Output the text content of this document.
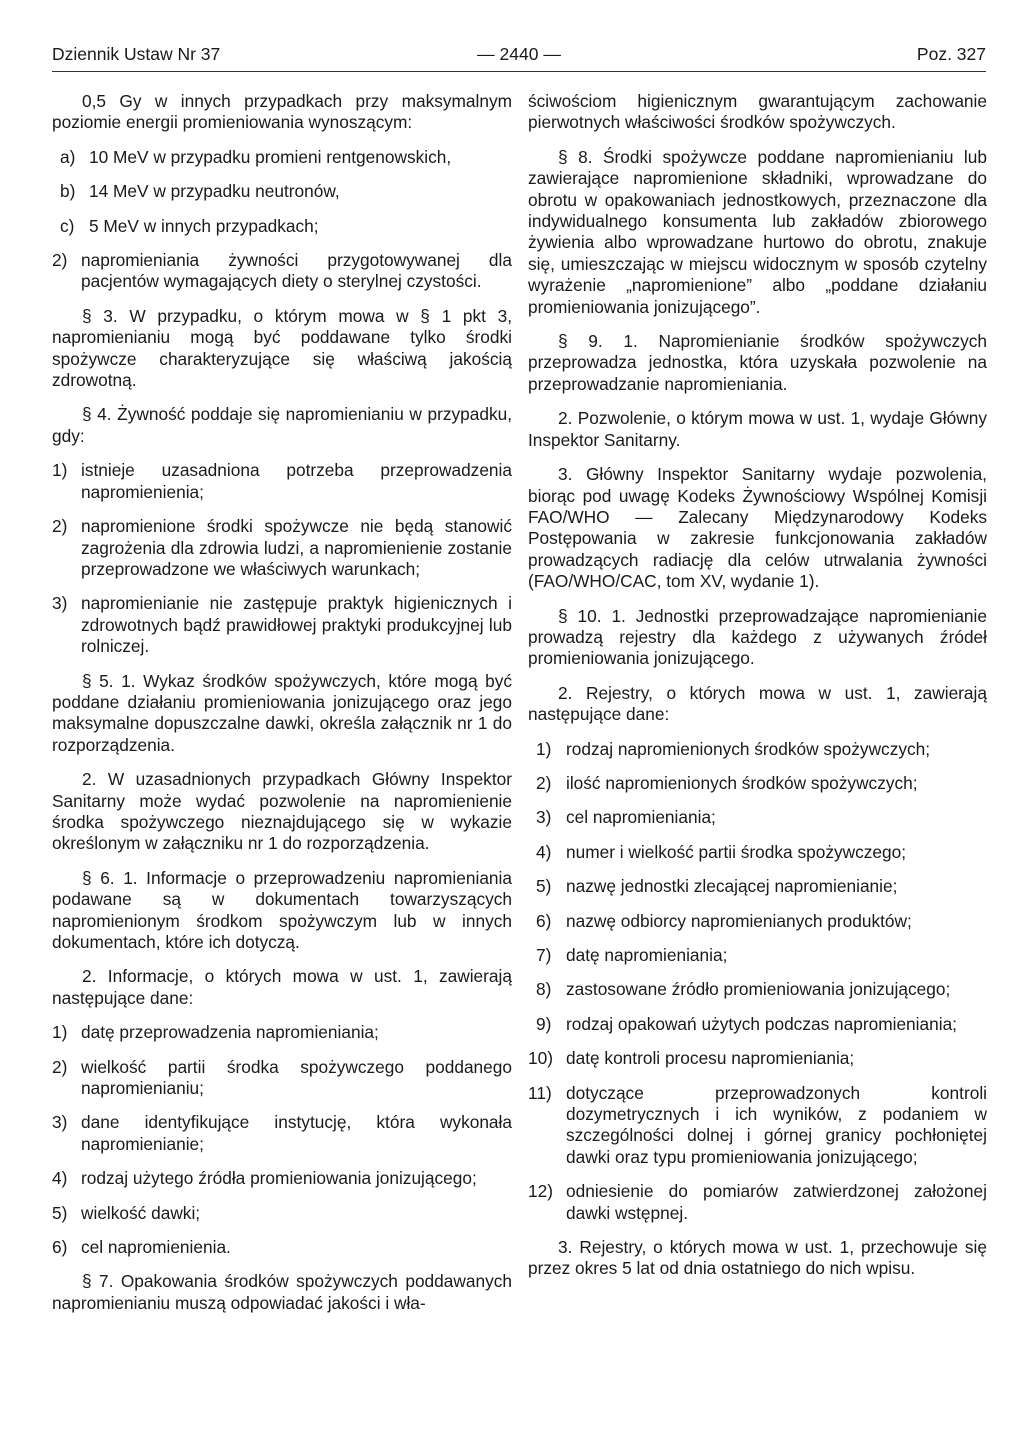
Dziennik Ustaw Nr 37	— 2440 —	Poz. 327

0,5 Gy w innych przypadkach przy maksymalnym poziomie energii promieniowania wynoszącym:

a) 10 MeV w przypadku promieni rentgenowskich,
b) 14 MeV w przypadku neutronów,
c) 5 MeV w innych przypadkach;
2) napromieniania żywności przygotowywanej dla pacjentów wymagających diety o sterylnej czystości.

§ 3. W przypadku, o którym mowa w § 1 pkt 3, napromienianiu mogą być poddawane tylko środki spożywcze charakteryzujące się właściwą jakością zdrowotną.

§ 4. Żywność poddaje się napromienianiu w przypadku, gdy:

1) istnieje uzasadniona potrzeba przeprowadzenia napromienienia;
2) napromienione środki spożywcze nie będą stanowić zagrożenia dla zdrowia ludzi, a napromienienie zostanie przeprowadzone we właściwych warunkach;
3) napromienianie nie zastępuje praktyk higienicznych i zdrowotnych bądź prawidłowej praktyki produkcyjnej lub rolniczej.

§ 5. 1. Wykaz środków spożywczych, które mogą być poddane działaniu promieniowania jonizującego oraz jego maksymalne dopuszczalne dawki, określa załącznik nr 1 do rozporządzenia.

2. W uzasadnionych przypadkach Główny Inspektor Sanitarny może wydać pozwolenie na napromienienie środka spożywczego nieznajdującego się w wykazie określonym w załączniku nr 1 do rozporządzenia.

§ 6. 1. Informacje o przeprowadzeniu napromieniania podawane są w dokumentach towarzyszących napromienionym środkom spożywczym lub w innych dokumentach, które ich dotyczą.

2. Informacje, o których mowa w ust. 1, zawierają następujące dane:

1) datę przeprowadzenia napromieniania;
2) wielkość partii środka spożywczego poddanego napromienianiu;
3) dane identyfikujące instytucję, która wykonała napromienianie;
4) rodzaj użytego źródła promieniowania jonizującego;
5) wielkość dawki;
6) cel napromienienia.

§ 7. Opakowania środków spożywczych poddawanych napromienianiu muszą odpowiadać jakości i wła-

ściwościom higienicznym gwarantującym zachowanie pierwotnych właściwości środków spożywczych.

§ 8. Środki spożywcze poddane napromienianiu lub zawierające napromienione składniki, wprowadzane do obrotu w opakowaniach jednostkowych, przeznaczone dla indywidualnego konsumenta lub zakładów zbiorowego żywienia albo wprowadzane hurtowo do obrotu, znakuje się, umieszczając w miejscu widocznym w sposób czytelny wyrażenie „napromienione” albo „poddane działaniu promieniowania jonizującego”.

§ 9. 1. Napromienianie środków spożywczych przeprowadza jednostka, która uzyskała pozwolenie na przeprowadzanie napromieniania.

2. Pozwolenie, o którym mowa w ust. 1, wydaje Główny Inspektor Sanitarny.

3. Główny Inspektor Sanitarny wydaje pozwolenia, biorąc pod uwagę Kodeks Żywnościowy Wspólnej Komisji FAO/WHO — Zalecany Międzynarodowy Kodeks Postępowania w zakresie funkcjonowania zakładów prowadzących radiację dla celów utrwalania żywności (FAO/WHO/CAC, tom XV, wydanie 1).

§ 10. 1. Jednostki przeprowadzające napromienianie prowadzą rejestry dla każdego z używanych źródeł promieniowania jonizującego.

2. Rejestry, o których mowa w ust. 1, zawierają następujące dane:

1) rodzaj napromienionych środków spożywczych;
2) ilość napromienionych środków spożywczych;
3) cel napromieniania;
4) numer i wielkość partii środka spożywczego;
5) nazwę jednostki zlecającej napromienianie;
6) nazwę odbiorcy napromienianych produktów;
7) datę napromieniania;
8) zastosowane źródło promieniowania jonizującego;
9) rodzaj opakowań użytych podczas napromieniania;
10) datę kontroli procesu napromieniania;
11) dotyczące przeprowadzonych kontroli dozymetrycznych i ich wyników, z podaniem w szczególności dolnej i górnej granicy pochłoniętej dawki oraz typu promieniowania jonizującego;
12) odniesienie do pomiarów zatwierdzonej założonej dawki wstępnej.

3. Rejestry, o których mowa w ust. 1, przechowuje się przez okres 5 lat od dnia ostatniego do nich wpisu.
